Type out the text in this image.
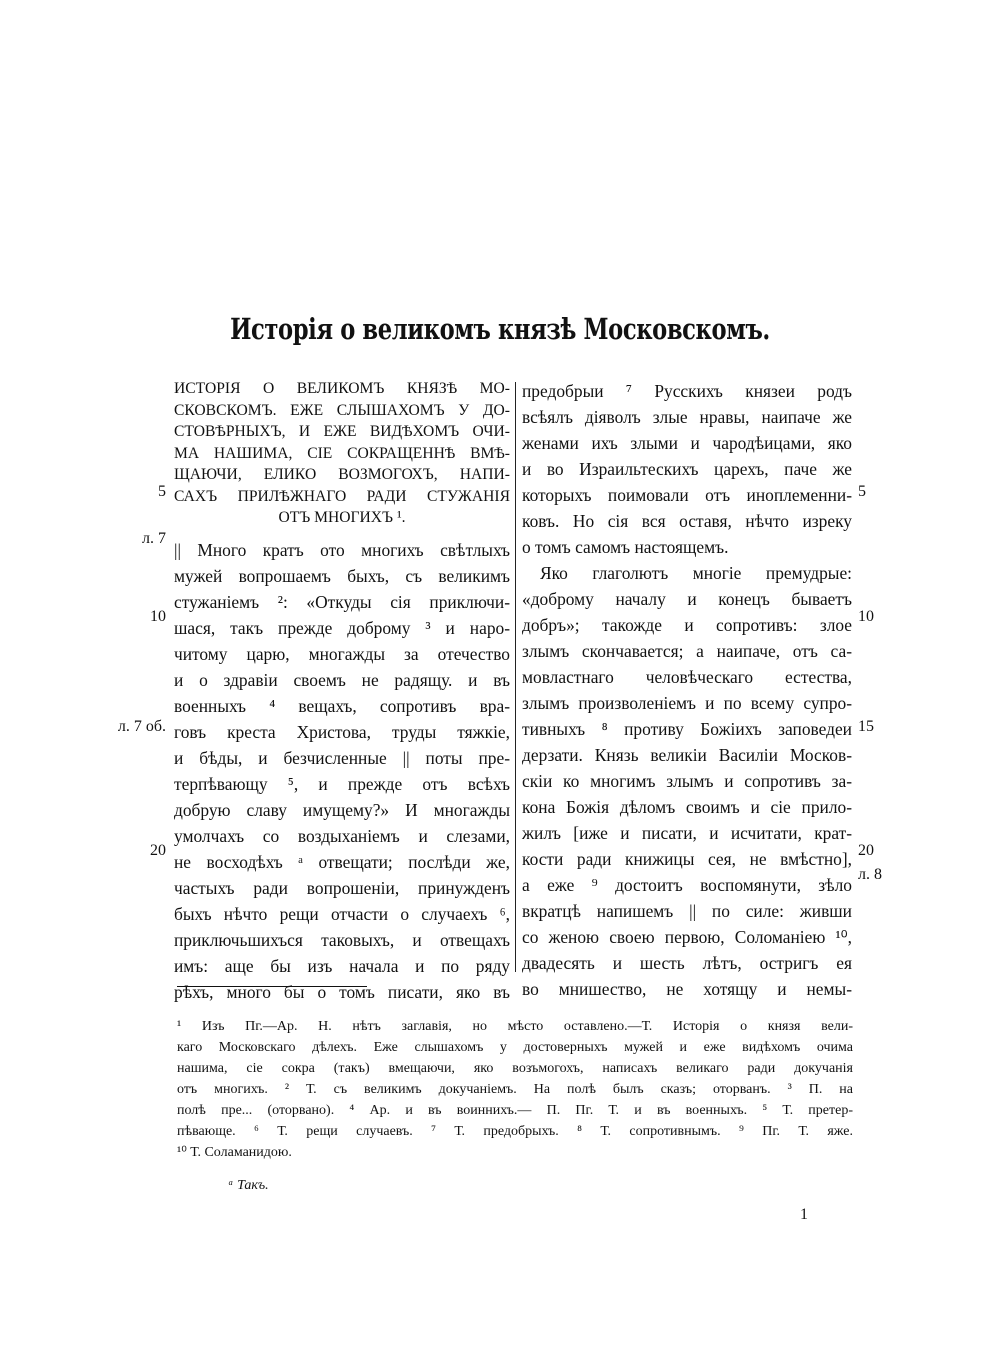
Исторія о великомъ князѣ Московскомъ.
ИСТОРІЯ О ВЕЛИКОМЪ КНЯЗѢ МО-
СКОВСКОМЪ. ЕЖЕ СЛЫШАХОМЪ У ДО-
СТОВѢРНЫХЪ, И ЕЖЕ ВИДѢХОМЪ ОЧИ-
МА НАШИМА, СІЕ СОКРАЩЕННѢ ВМѢ-
ЩАЮЧИ, ЕЛИКО ВОЗМОГОХЪ, НАПИ-
САХЪ ПРИЛѢЖНАГО РАДИ СТУЖАНІЯ
ОТЪ МНОГИХЪ ¹.
|| Много кратъ ото многихъ свѣтлыхъ
мужей вопрошаемъ быхъ, съ великимъ
стужаніемъ ²: «Откуды сія приключи-
шася, такъ прежде доброму ³ и наро-
читому царю, многажды за отечество
и о здравіи своемъ не радящу. и въ
военныхъ ⁴ вещахъ, сопротивъ вра-
говъ креста Христова, труды тяжкіе,
и бѣды, и безчисленные || поты пре-
терпѣвающу ⁵, и прежде отъ всѣхъ
добрую славу имущему?» И многажды
умолчахъ со воздыханіемъ и слезами,
не восходѣхъ ᵃ отвещати; послѣди же,
частыхъ ради вопрошеніи, принужденъ
быхъ нѣчто рещи отчасти о случаехъ ⁶,
приключьшихъся таковыхъ, и отвещахъ
имъ: аще бы изъ начала и по ряду
рѣхъ, много бы о томъ писати, яко въ
предобрыи ⁷ Русскихъ князеи родъ
всѣялъ діяволъ злые нравы, наипаче же
женами ихъ злыми и чародѣицами, яко
и во Израильтескихъ царехъ, паче же
которыхъ поимовали отъ иноплеменни-
ковъ. Но сія вся оставя, нѣчто изреку
о томъ самомъ настоящемъ.
Яко глаголютъ многіе премудрые:
«доброму началу и конецъ бываетъ
добръ»; такожде и сопротивъ: злое
злымъ скончавается; а наипаче, отъ са-
мовластнаго человѣческаго естества,
злымъ произволеніемъ и по всему супро-
тивныхъ ⁸ противу Божіихъ заповедеи
дерзати. Князь великіи Василіи Москов-
скіи ко многимъ злымъ и сопротивъ за-
кона Божія дѣломъ своимъ и сіе прило-
жилъ [иже и писати, и исчитати, крат-
кости ради книжицы сея, не вмѣстно],
а еже ⁹ достоитъ воспомянути, зѣло
вкратцѣ напишемъ || по силе: живши
со женою своею первою, Соломаніею ¹⁰,
двадесять и шесть лѣтъ, остригъ ея
во мнишество, не хотящу и немы-
5
л. 7
10
л. 7 об.
20
5
10
15
20
л. 8
¹ Изъ Пг.—Ар. Н. нѣтъ заглавія, но мѣсто оставлено.—Т. Исторія о князя вели-
каго Московскаго дѣлехъ. Еже слышахомъ у достоверныхъ мужей и еже видѣхомъ очима
нашима, сіе сокра (такъ) вмещаючи, яко возъмогохъ, написахъ великаго ради докучанія
отъ многихъ. ² Т. съ великимъ докучаніемъ. На полѣ былъ сказъ; оторванъ. ³ П. на
полѣ пре... (оторвано). ⁴ Ар. и въ воиннихъ.— П. Пг. Т. и въ военныхъ. ⁵ Т. претер-
пѣвающе. ⁶ Т. рещи случаевъ. ⁷ Т. предобрыхъ. ⁸ Т. сопротивнымъ. ⁹ Пг. Т. яже.
¹⁰ Т. Соламанидою.
ᵃ Такъ.
1
